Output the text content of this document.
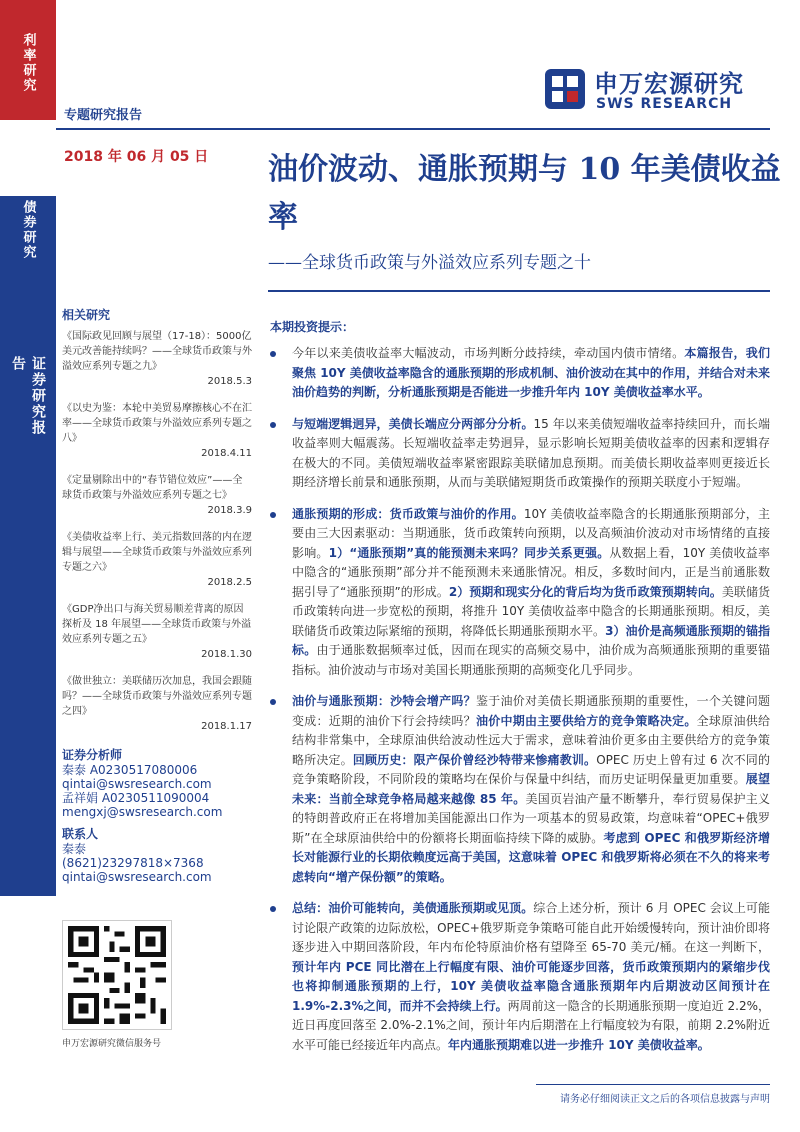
利率研究
债券研究
证券研究报告
专题研究报告
申万宏源研究
SWS RESEARCH
2018 年 06 月 05 日 油价波动、通胀预期与 10 年美债收益率
——全球货币政策与外溢效应系列专题之十
相关研究
《国际政见回顾与展望（17-18）：5000亿美元改善能持续吗？——全球货币政策与外溢效应系列专题之九》
2018.5.3
《以史为鉴：本轮中美贸易摩擦核心不在汇率——全球货币政策与外溢效应系列专题之八》
2018.4.11
《定量剔除出中的“春节错位效应”——全球货币政策与外溢效应系列专题之七》
2018.3.9
《美债收益率上行、美元指数回落的内在逻辑与展望——全球货币政策与外溢效应系列专题之六》
2018.2.5
《GDP净出口与海关贸易顺差背离的原因探析及 18 年展望——全球货币政策与外溢效应系列专题之五》
2018.1.30
《做世独立：美联储历次加息，我国会跟随吗？——全球货币政策与外溢效应系列专题之四》
2018.1.17
证券分析师
秦泰 A0230517080006
qintai@swsresearch.com
孟祥娟 A0230511090004
mengxj@swsresearch.com
联系人
秦泰
(8621)23297818×7368
qintai@swsresearch.com
申万宏源研究微信服务号
本期投资提示：
今年以来美债收益率大幅波动，市场判断分歧持续，牵动国内债市情绪。本篇报告，我们聚焦 10Y 美债收益率隐含的通胀预期的形成机制、油价波动在其中的作用，并结合对未来油价趋势的判断，分析通胀预期是否能进一步推升年内 10Y 美债收益率水平。
与短端逻辑迥异，美债长端应分两部分分析。15 年以来美债短端收益率持续回升，而长端收益率则大幅震荡。长短端收益率走势迥异，显示影响长短期美债收益率的因素和逻辑存在极大的不同。美债短端收益率紧密跟踪美联储加息预期。而美债长期收益率则更接近长期经济增长前景和通胀预期，从而与美联储短期货币政策操作的预期关联度小于短端。
通胀预期的形成：货币政策与油价的作用。10Y 美债收益率隐含的长期通胀预期部分，主要由三大因素驱动：当期通胀，货币政策转向预期，以及高频油价波动对市场情绪的直接影响。1）“通胀预期”真的能预测未来吗？同步关系更强。从数据上看，10Y 美债收益率中隐含的“通胀预期”部分并不能预测未来通胀情况。相反，多数时间内，正是当前通胀数据引导了“通胀预期”的形成。2）预期和现实分化的背后均为货币政策预期转向。美联储货币政策转向进一步宽松的预期，将推升 10Y 美债收益率中隐含的长期通胀预期。相反，美联储货币政策边际紧缩的预期，将降低长期通胀预期水平。3）油价是高频通胀预期的锚指标。由于通胀数据频率过低，因而在现实的高频交易中，油价成为高频通胀预期的重要锚指标。油价波动与市场对美国长期通胀预期的高频变化几乎同步。
油价与通胀预期：沙特会增产吗？鉴于油价对美债长期通胀预期的重要性，一个关键问题变成：近期的油价下行会持续吗？油价中期由主要供给方的竞争策略决定。全球原油供给结构非常集中，全球原油供给波动性远大于需求，意味着油价更多由主要供给方的竞争策略所决定。回顾历史：限产保价曾经沙特带来惨痛教训。OPEC 历史上曾有过 6 次不同的竞争策略阶段，不同阶段的策略均在保价与保量中纠结，而历史证明保量更加重要。展望未来：当前全球竞争格局越来越像 85 年。美国页岩油产量不断攀升，奉行贸易保护主义的特朗普政府正在将增加美国能源出口作为一项基本的贸易政策，均意味着“OPEC+俄罗斯”在全球原油供给中的份额将长期面临持续下降的威胁。考虑到 OPEC 和俄罗斯经济增长对能源行业的长期依赖度远高于美国，这意味着 OPEC 和俄罗斯将必须在不久的将来考虑转向“增产保份额”的策略。
总结：油价可能转向，美债通胀预期或见顶。综合上述分析，预计 6 月 OPEC 会议上可能讨论限产政策的边际放松，OPEC+俄罗斯竞争策略可能自此开始缓慢转向，预计油价即将逐步进入中期回落阶段，年内布伦特原油价格有望降至 65-70 美元/桶。在这一判断下，预计年内 PCE 同比潜在上行幅度有限、油价可能逐步回落，货币政策预期内的紧缩步伐也将抑制通胀预期的上行，10Y 美债收益率隐含通胀预期年内后期波动区间预计在 1.9%-2.3%之间，而并不会持续上行。两周前这一隐含的长期通胀预期一度迫近 2.2%，近日再度回落至 2.0%-2.1%之间，预计年内后期潜在上行幅度较为有限，前期 2.2%附近水平可能已经接近年内高点。年内通胀预期难以进一步推升 10Y 美债收益率。
请务必仔细阅读正文之后的各项信息披露与声明
